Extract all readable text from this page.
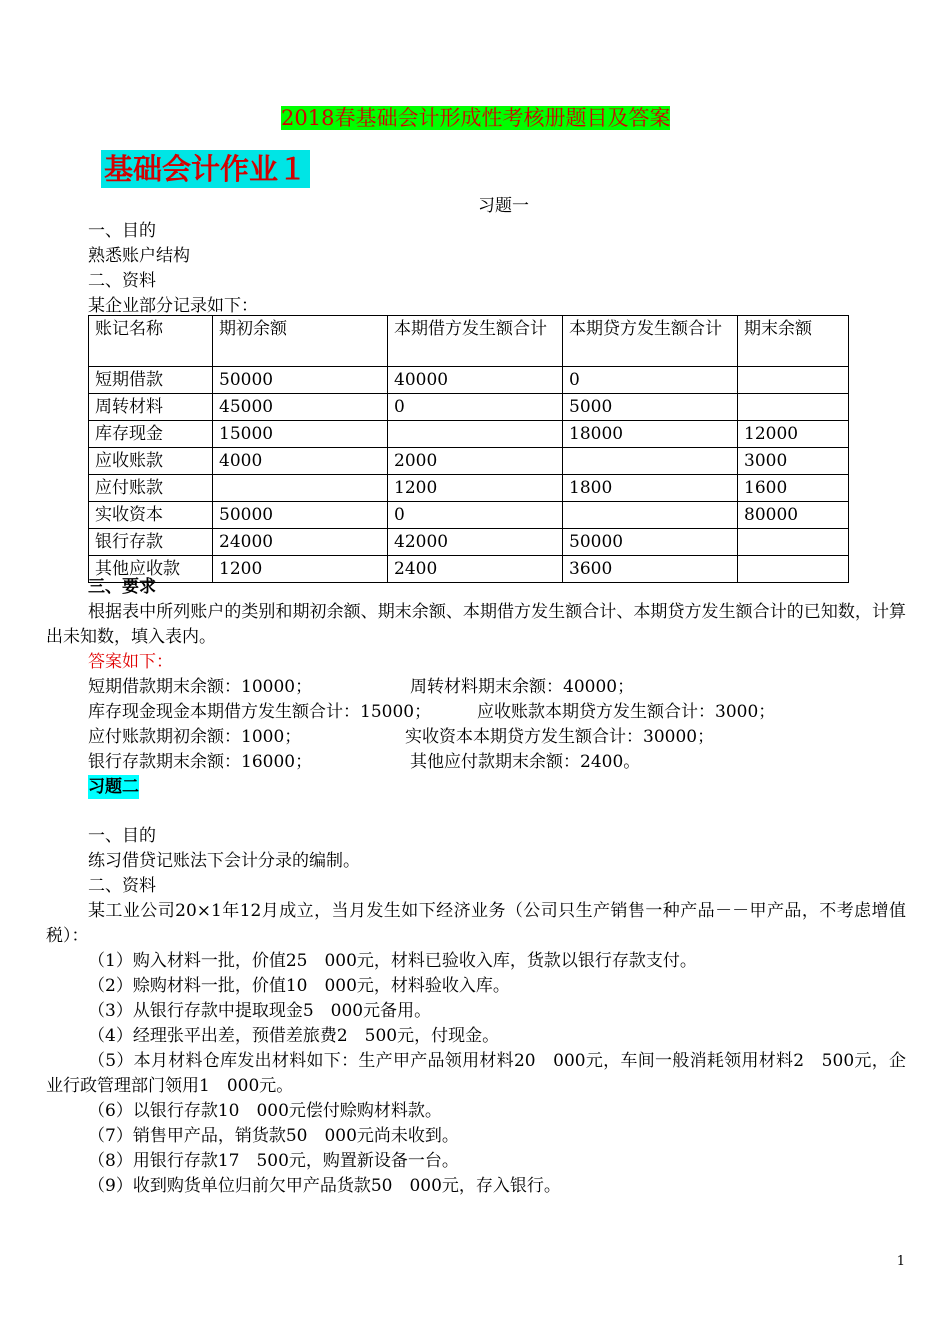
2018春基础会计形成性考核册题目及答案
基础会计作业１
习题一
一、目的
熟悉账户结构
二、资料
某企业部分记录如下：
账记名称	期初余额	本期借方发生额合计	本期贷方发生额合计	期末余额
短期借款	50000	40000	0	
周转材料	45000	0	5000	
库存现金	15000		18000	12000
应收账款	4000	2000		3000
应付账款		1200	1800	1600
实收资本	50000	0		80000
银行存款	24000	42000	50000	
其他应收款	1200	2400	3600	
三、要求
根据表中所列账户的类别和期初余额、期末余额、本期借方发生额合计、本期贷方发生额合计的已知数，计算出未知数，填入表内。
答案如下：
短期借款期末余额：10000；	周转材料期末余额：40000；
库存现金现金本期借方发生额合计：15000；	应收账款本期贷方发生额合计：3000；
应付账款期初余额：1000；	实收资本本期贷方发生额合计：30000；
银行存款期末余额：16000；	其他应付款期末余额：2400。
习题二
一、目的
练习借贷记账法下会计分录的编制。
二、资料
某工业公司20×1年12月成立，当月发生如下经济业务（公司只生产销售一种产品－－甲产品，不考虑增值税）：
（1）购入材料一批，价值25　000元，材料已验收入库，货款以银行存款支付。
（2）赊购材料一批，价值10　000元，材料验收入库。
（3）从银行存款中提取现金5　000元备用。
（4）经理张平出差，预借差旅费2　500元，付现金。
（5）本月材料仓库发出材料如下：生产甲产品领用材料20　000元，车间一般消耗领用材料2　500元，企业行政管理部门领用1　000元。
（6）以银行存款10　000元偿付赊购材料款。
（7）销售甲产品，销货款50　000元尚未收到。
（8）用银行存款17　500元，购置新设备一台。
（9）收到购货单位归前欠甲产品货款50　000元，存入银行。
1
